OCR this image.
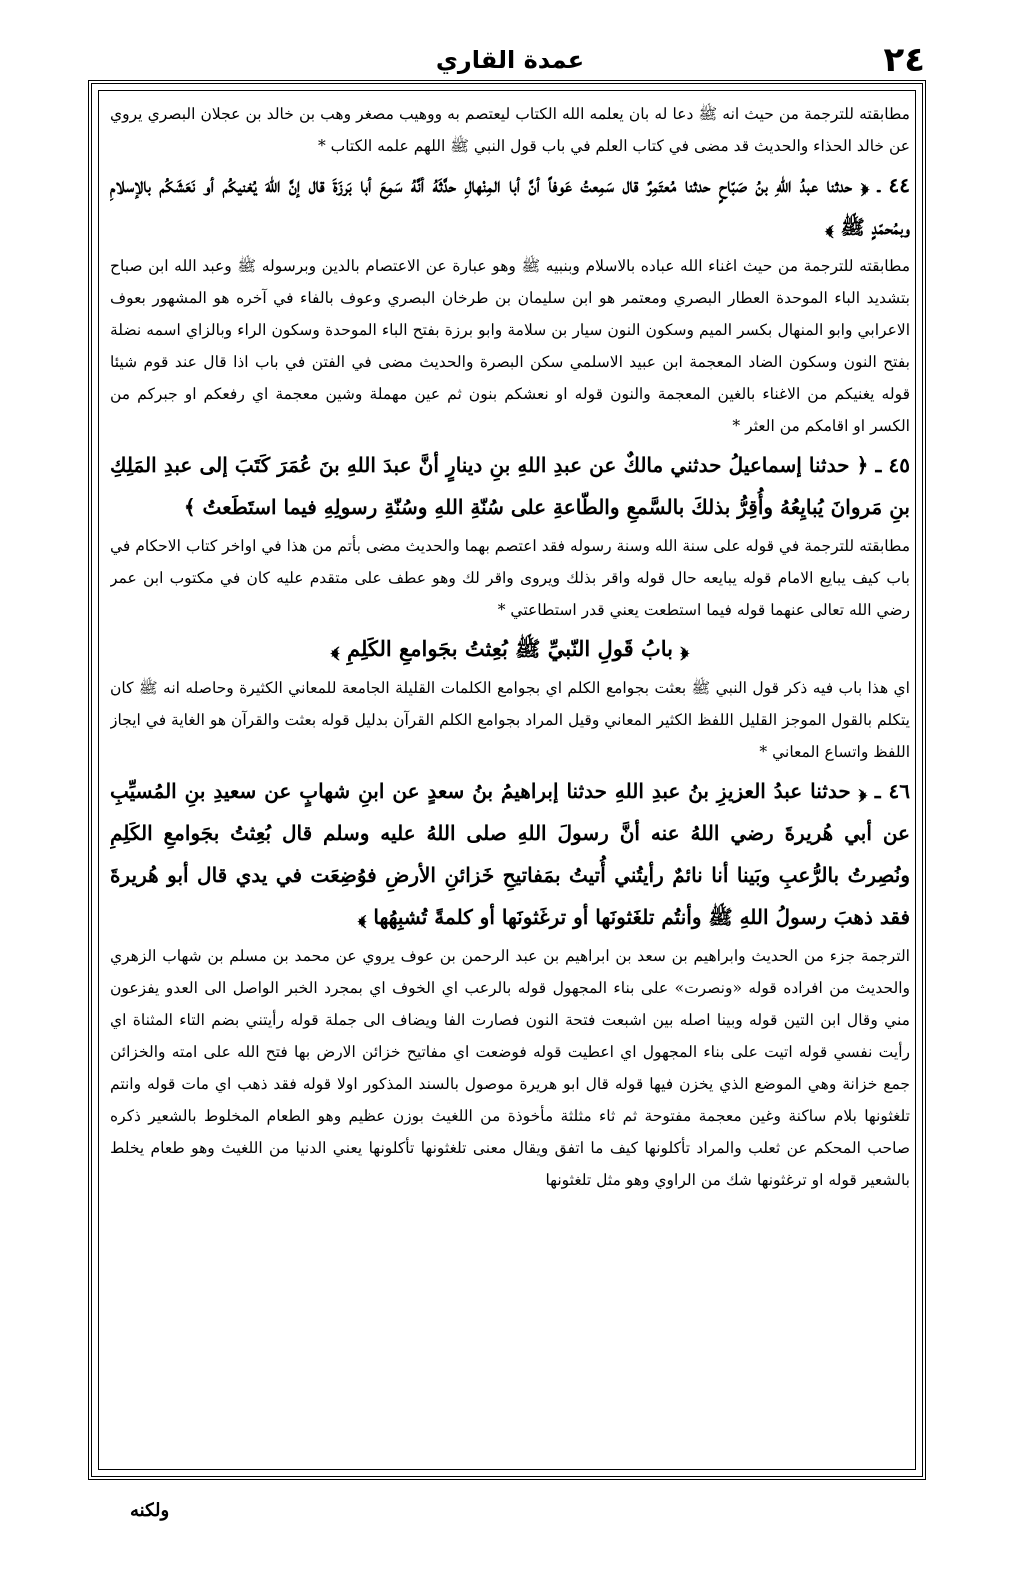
٢٤
عمدة القاري

مطابقته للترجمة من حيث انه ﷺ دعا له بان يعلمه الله الكتاب ليعتصم به ووهيب مصغر وهب بن خالد بن عجلان البصري يروي عن خالد الحذاء والحديث قد مضى في كتاب العلم في باب قول النبي ﷺ اللهم علمه الكتاب *

٤٤ ـ ﴿ حدثنا عبدُ اللهِ بنُ صَبّاحٍ حدثنا مُعتَمِرٌ قال سَمِعتُ عَوفاً أنَّ أبا المِنْهالِ حدَّثَهُ أنَّهُ سَمِعَ أبا بَرزَةَ قال إنَّ اللهَ يُغنيكُم أو نَعَشَكُم بالإسلامِ وبمُحمّدٍ ﷺ ﴾

مطابقته للترجمة من حيث اغناء الله عباده بالاسلام وبنبيه ﷺ وهو عبارة عن الاعتصام بالدين وبرسوله ﷺ وعبد الله ابن صباح بتشديد الباء الموحدة العطار البصري ومعتمر هو ابن سليمان بن طرخان البصري وعوف بالفاء في آخره هو المشهور بعوف الاعرابي وابو المنهال بكسر الميم وسكون النون سيار بن سلامة وابو برزة بفتح الباء الموحدة وسكون الراء وبالزاي اسمه نضلة بفتح النون وسكون الضاد المعجمة ابن عبيد الاسلمي سكن البصرة والحديث مضى في الفتن في باب اذا قال عند قوم شيئا قوله يغنيكم من الاغناء بالغين المعجمة والنون قوله او نعشكم بنون ثم عين مهملة وشين معجمة اي رفعكم او جبركم من الكسر او اقامكم من العثر *

٤٥ ـ ﴿ حدثنا إسماعيلُ حدثني مالكٌ عن عبدِ اللهِ بنِ دينارٍ أنَّ عبدَ اللهِ بنَ عُمَرَ كَتَبَ إلى عبدِ المَلِكِ بنِ مَروانَ يُبايِعُهُ وأُقِرُّ بذلكَ بالسَّمعِ والطّاعةِ على سُنّةِ اللهِ وسُنّةِ رسولِهِ فيما استَطَعتُ ﴾

مطابقته للترجمة في قوله على سنة الله وسنة رسوله فقد اعتصم بهما والحديث مضى بأتم من هذا في اواخر كتاب الاحكام في باب كيف يبايع الامام قوله يبايعه حال قوله واقر بذلك ويروى واقر لك وهو عطف على متقدم عليه كان في مكتوب ابن عمر رضي الله تعالى عنهما قوله فيما استطعت يعني قدر استطاعتي *

﴿ بابُ قَولِ النّبيِّ ﷺ بُعِثتُ بجَوامعِ الكَلِمِ ﴾

اي هذا باب فيه ذكر قول النبي ﷺ بعثت بجوامع الكلم اي بجوامع الكلمات القليلة الجامعة للمعاني الكثيرة وحاصله انه ﷺ كان يتكلم بالقول الموجز القليل اللفظ الكثير المعاني وقيل المراد بجوامع الكلم القرآن بدليل قوله بعثت والقرآن هو الغاية في ايجاز اللفظ واتساع المعاني *

٤٦ ـ ﴿ حدثنا عبدُ العزيزِ بنُ عبدِ اللهِ حدثنا إبراهيمُ بنُ سعدٍ عن ابنِ شهابٍ عن سعيدِ بنِ المُسيِّبِ عن أبي هُريرةَ رضي اللهُ عنه أنَّ رسولَ اللهِ صلى اللهُ عليه وسلم قال بُعِثتُ بجَوامعِ الكَلِمِ ونُصِرتُ بالرُّعبِ وبَينا أنا نائمٌ رأيتُني أُتيتُ بمَفاتيحِ خَزائنِ الأرضِ فوُضِعَت في يدي قال أبو هُريرةَ فقد ذهبَ رسولُ اللهِ ﷺ وأنتُم تلغَثونَها أو ترغَثونَها أو كلمةً تُشبِهُها ﴾

الترجمة جزء من الحديث وابراهيم بن سعد بن ابراهيم بن عبد الرحمن بن عوف يروي عن محمد بن مسلم بن شهاب الزهري والحديث من افراده قوله «ونصرت» على بناء المجهول قوله بالرعب اي الخوف اي بمجرد الخبر الواصل الى العدو يفزعون مني وقال ابن التين قوله وبينا اصله بين اشبعت فتحة النون فصارت الفا ويضاف الى جملة قوله رأيتني بضم التاء المثناة اي رأيت نفسي قوله اتيت على بناء المجهول اي اعطيت قوله فوضعت اي مفاتيح خزائن الارض بها فتح الله على امته والخزائن جمع خزانة وهي الموضع الذي يخزن فيها قوله قال ابو هريرة موصول بالسند المذكور اولا قوله فقد ذهب اي مات قوله وانتم تلغثونها بلام ساكنة وغين معجمة مفتوحة ثم ثاء مثلثة مأخوذة من اللغيث بوزن عظيم وهو الطعام المخلوط بالشعير ذكره صاحب المحكم عن ثعلب والمراد تأكلونها كيف ما اتفق ويقال معنى تلغثونها تأكلونها يعني الدنيا من اللغيث وهو طعام يخلط بالشعير قوله او ترغثونها شك من الراوي وهو مثل تلغثونها

ولكنه
